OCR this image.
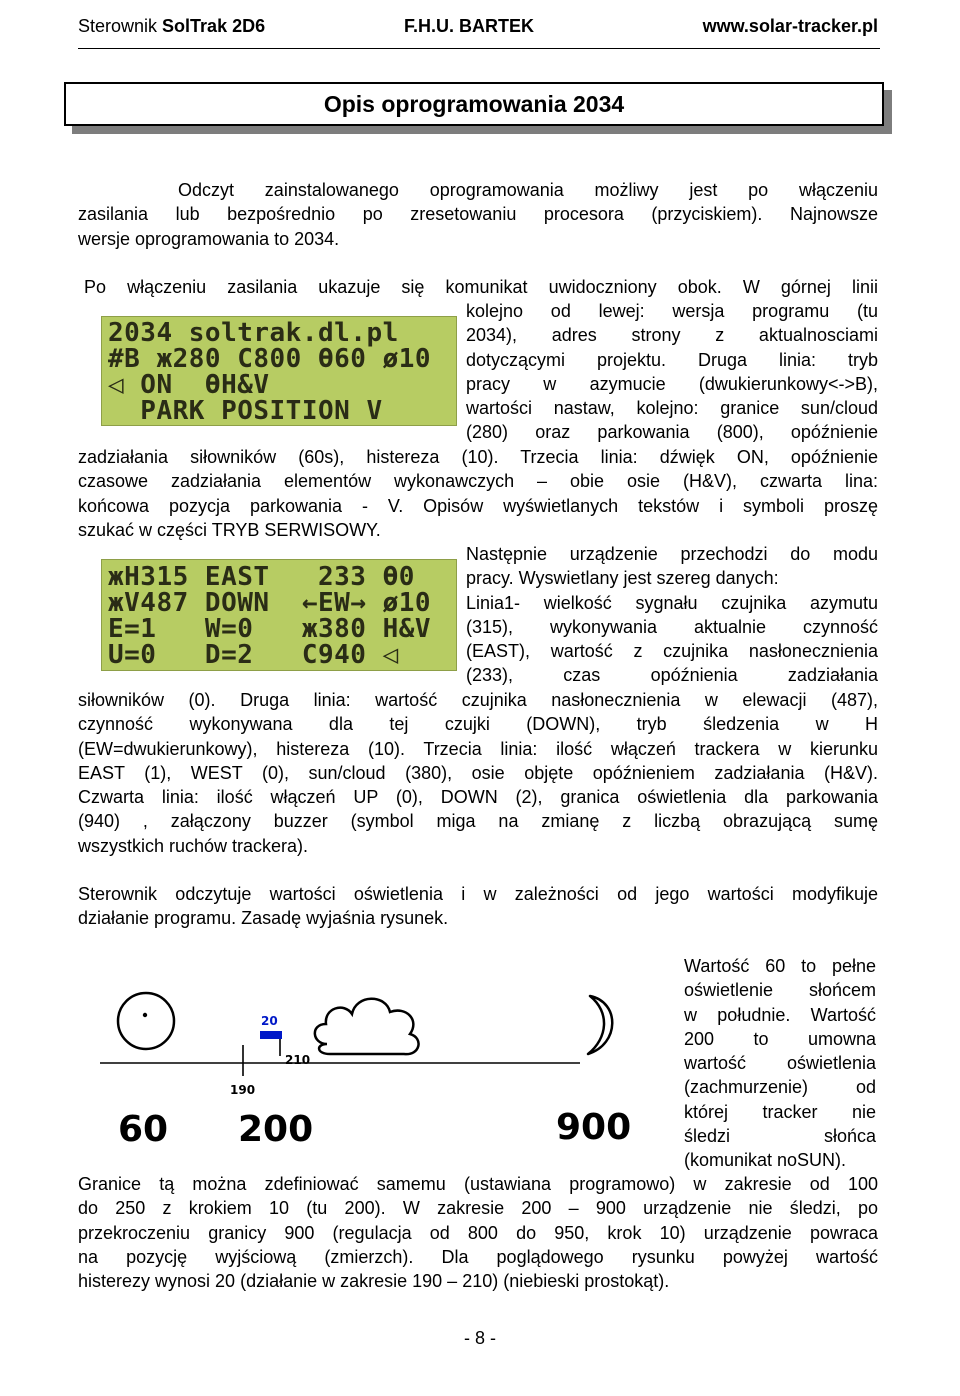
Sterownik SolTrak 2D6	F.H.U. BARTEK	www.solar-tracker.pl
Opis oprogramowania 2034
Odczyt zainstalowanego oprogramowania możliwy jest po włączeniu
zasilania lub bezpośrednio po zresetowaniu procesora (przyciskiem). Najnowsze
wersje oprogramowania to 2034.
Po włączeniu zasilania ukazuje się komunikat uwidoczniony obok. W górnej linii
2034 soltrak.dl.pl
#B ж280 С800 Ө60 ø10
◁ ON  ӨH&V
PARK POSITION V
kolejno od lewej: wersja programu (tu
2034), adres strony z aktualnosciami
dotyczącymi projektu. Druga linia: tryb
pracy w azymucie (dwukierunkowy<->B),
wartości nastaw, kolejno: granice sun/cloud
(280) oraz parkowania (800), opóźnienie
zadziałania siłowników (60s), histereza (10). Trzecia linia: dźwięk ON, opóźnienie
czasowe zadziałania elementów wykonawczych – obie osie (H&V), czwarta lina:
końcowa pozycja parkowania - V. Opisów wyświetlanych tekstów i symboli proszę
szukać w części TRYB SERWISOWY.
жH315 EAST   233 Ө0
жV487 DOWN  ←EW→ ø10
E=1   W=0   ж380 H&V
U=0   D=2   С940 ◁
Następnie urządzenie przechodzi do modu
pracy. Wyswietlany jest szereg danych:
Linia1- wielkość sygnału czujnika azymutu
(315), wykonywania aktualnie czynność
(EAST), wartość z czujnika nasłonecznienia
(233), czas opóźnienia zadziałania
siłowników (0). Druga linia: wartość czujnika nasłonecznienia w elewacji (487),
czynność wykonywana dla tej czujki (DOWN), tryb śledzenia w H
(EW=dwukierunkowy), histereza (10). Trzecia linia: ilość włączeń trackera w kierunku
EAST (1), WEST (0), sun/cloud (380), osie objęte opóźnieniem zadziałania (H&V).
Czwarta linia: ilość włączeń UP (0), DOWN (2), granica oświetlenia dla parkowania
(940) , załączony buzzer (symbol miga na zmianę z liczbą obrazującą sumę
wszystkich ruchów trackera).
Sterownik odczytuje wartości oświetlenia i w zależności od jego wartości modyfikuje
działanie programu. Zasadę wyjaśnia rysunek.
20
210
190
60 200	900
Wartość 60 to pełne
oświetlenie słońcem
w południe. Wartość
200 to umowna
wartość oświetlenia
(zachmurzenie) od
której tracker nie
śledzi słońca
(komunikat noSUN).
Granice tą można zdefiniować samemu (ustawiana programowo) w zakresie od 100
do 250 z krokiem 10 (tu 200). W zakresie 200 – 900 urządzenie nie śledzi, po
przekroczeniu granicy 900 (regulacja od 800 do 950, krok 10) urządzenie powraca
na pozycję wyjściową (zmierzch). Dla poglądowego rysunku powyżej wartość
histerezy wynosi 20 (działanie w zakresie 190 – 210) (niebieski prostokąt).
- 8 -
